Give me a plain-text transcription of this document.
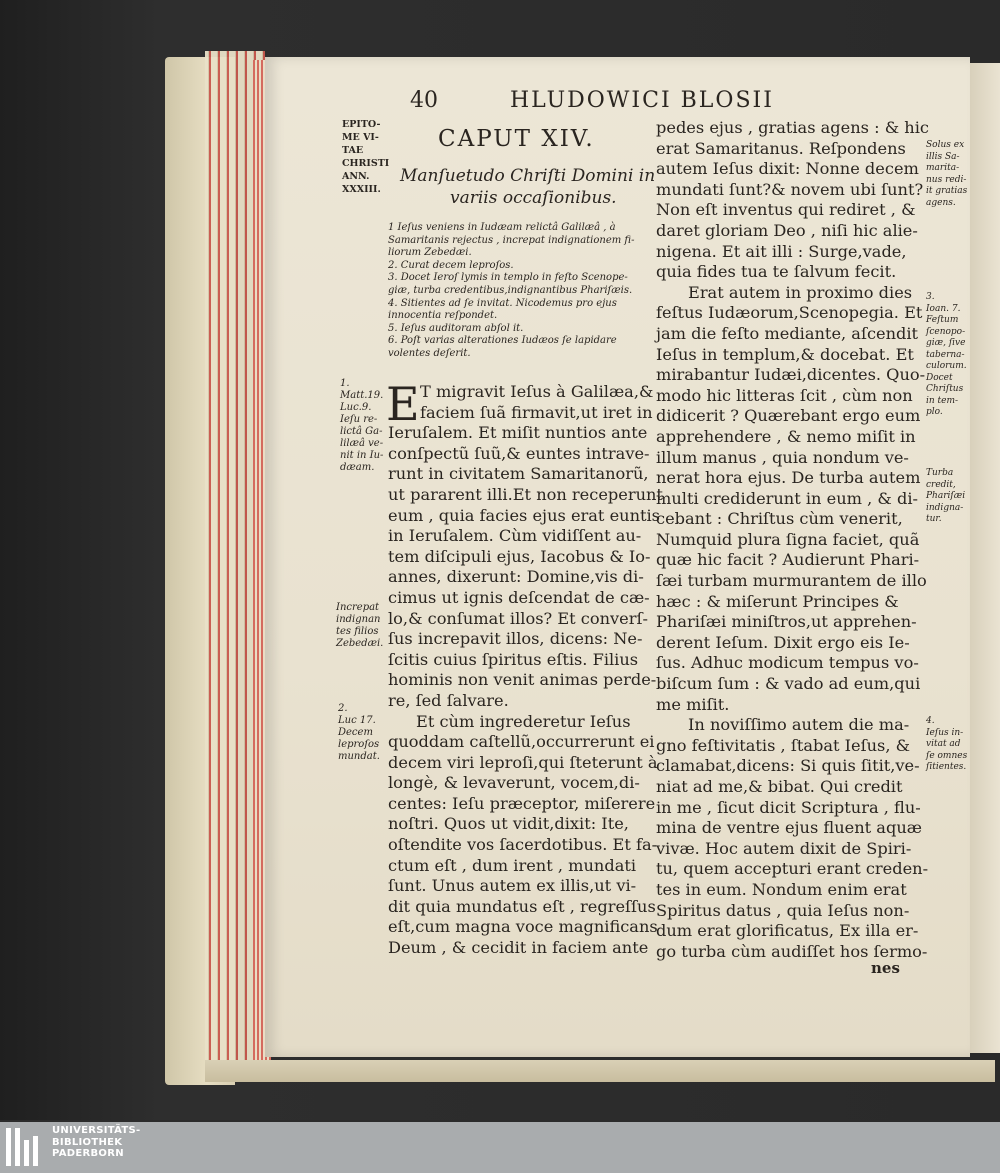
40	HLUDOWICI BLOSII
CAPUT XIV.
Manſuetudo Chriſti Domini in
variis occaſionibus.
1 Ieſus veniens in Iudæam relictâ Galilæâ , à
Samaritanis rejectus , increpat indignationem fi-
liorum Zebedæi.
2. Curat decem leproſos.
3. Docet Ieroſ lymis in templo in feſto Scenope-
giæ, turba credentibus,indignantibus Phariſæis.
4. Sitientes ad ſe invitat. Nicodemus pro ejus
innocentia reſpondet.
5. Ieſus auditoram abſol it.
6. Poſt varias alterationes Iudæos ſe lapidare
volentes deſerit.
E T migravit Ieſus à Galilæa,&
faciem ſuã firmavit,ut iret in
Ieruſalem. Et miſit nuntios ante
conſpectũ ſuũ,& euntes intrave-
runt in civitatem Samaritanorũ,
ut pararent illi.Et non receperunt
eum , quia facies ejus erat euntis
in Ieruſalem. Cùm vidiſſent au-
tem diſcipuli ejus, Iacobus & Io-
annes, dixerunt: Domine,vis di-
cimus ut ignis deſcendat de cæ-
lo,& conſumat illos? Et converſ-
ſus increpavit illos, dicens: Ne-
ſcitis cuius ſpiritus eſtis. Filius
hominis non venit animas perde-
re, ſed ſalvare.
Et cùm ingrederetur Ieſus
quoddam caſtellũ,occurrerunt ei
decem viri leproſi,qui ſteterunt à
longè, & levaverunt, vocem,di-
centes: Ieſu præceptor, miſerere
noſtri. Quos ut vidit,dixit: Ite,
oſtendite vos ſacerdotibus. Et fa-
ctum eſt , dum irent , mundati
ſunt. Unus autem ex illis,ut vi-
dit quia mundatus eſt , regreſſus
eſt,cum magna voce magnificans
Deum , & cecidit in faciem ante
pedes ejus , gratias agens : & hic
erat Samaritanus. Reſpondens
autem Ieſus dixit: Nonne decem
mundati ſunt?& novem ubi ſunt?
Non eſt inventus qui rediret , &
daret gloriam Deo , niſi hic alie-
nigena. Et ait illi : Surge,vade,
quia fides tua te ſalvum fecit.
Erat autem in proximo dies
feſtus Iudæorum,Scenopegia. Et
jam die feſto mediante, aſcendit
Ieſus in templum,& docebat. Et
mirabantur Iudæi,dicentes. Quo-
modo hic litteras ſcit , cùm non
didicerit ? Quærebant ergo eum
apprehendere , & nemo miſit in
illum manus , quia nondum ve-
nerat hora ejus. De turba autem
multi crediderunt in eum , & di-
cebant : Chriſtus cùm venerit,
Numquid plura ſigna faciet, quã
quæ hic facit ? Audierunt Phari-
ſæi turbam murmurantem de illo
hæc : & miſerunt Principes &
Phariſæi miniſtros,ut apprehen-
derent Ieſum. Dixit ergo eis Ie-
ſus. Adhuc modicum tempus vo-
biſcum ſum : & vado ad eum,qui
me miſit.
In noviſſimo autem die ma-
gno feſtivitatis , ſtabat Ieſus, &
clamabat,dicens: Si quis ſitit,ve-
niat ad me,& bibat. Qui credit
in me , ſicut dicit Scriptura , flu-
mina de ventre ejus fluent aquæ
vivæ. Hoc autem dixit de Spiri-
tu, quem accepturi erant creden-
tes in eum. Nondum enim erat
Spiritus datus , quia Ieſus non-
dum erat glorificatus, Ex illa er-
go turba cùm audiſſet hos ſermo-
EPITO-
ME VI-
TAE
CHRISTI
ANN.
XXXIII.
1.
Matt.19.
Luc.9.
Ieſu re-
lictâ Ga-
lilæâ ve-
nit in Iu-
dæam.
Increpat
indignan
tes filios
Zebedæi.
2.
Luc 17.
Decem
leproſos
mundat.
Solus ex
illis Sa-
marita-
nus redi-
it gratias
agens.
3.
Ioan. 7.
Feſtum
ſcenopo-
giæ, ſive
taberna-
culorum.
Docet
Chriſtus
in tem-
plo.
Turba
credit,
Phariſæi
indigna-
tur.
4.
Ieſus in-
vitat ad
ſe omnes
ſitientes.
nes
UNIVERSITÄTS-
BIBLIOTHEK
PADERBORN
